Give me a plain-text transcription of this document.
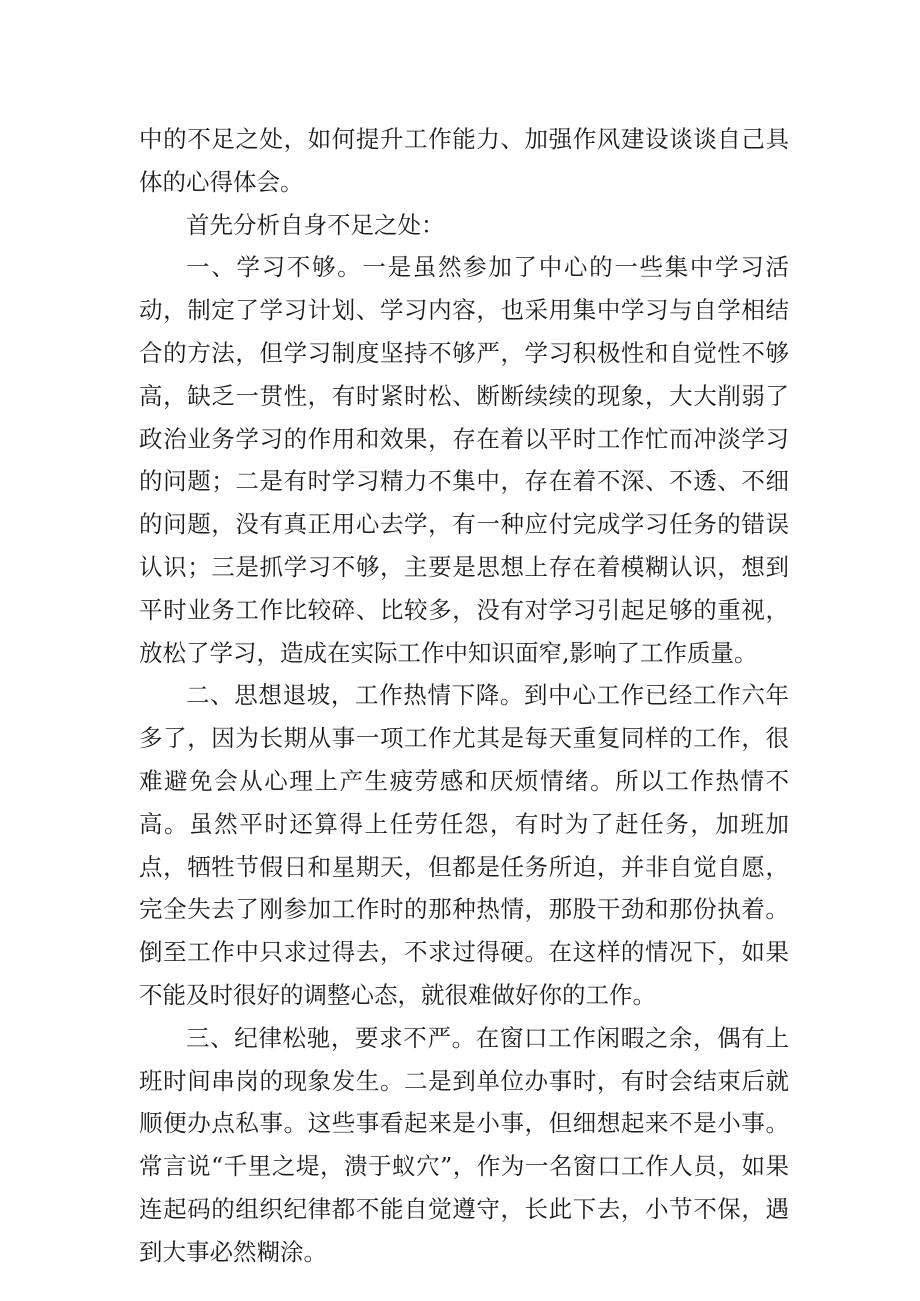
中的不足之处，如何提升工作能力、加强作风建设谈谈自己具体的心得体会。

首先分析自身不足之处：

一、学习不够。一是虽然参加了中心的一些集中学习活动，制定了学习计划、学习内容，也采用集中学习与自学相结合的方法，但学习制度坚持不够严，学习积极性和自觉性不够高，缺乏一贯性，有时紧时松、断断续续的现象，大大削弱了政治业务学习的作用和效果，存在着以平时工作忙而冲淡学习的问题；二是有时学习精力不集中，存在着不深、不透、不细的问题，没有真正用心去学，有一种应付完成学习任务的错误认识；三是抓学习不够，主要是思想上存在着模糊认识，想到平时业务工作比较碎、比较多，没有对学习引起足够的重视，放松了学习，造成在实际工作中知识面窄,影响了工作质量。

二、思想退坡，工作热情下降。到中心工作已经工作六年多了，因为长期从事一项工作尤其是每天重复同样的工作，很难避免会从心理上产生疲劳感和厌烦情绪。所以工作热情不高。虽然平时还算得上任劳任怨，有时为了赶任务，加班加点，牺牲节假日和星期天，但都是任务所迫，并非自觉自愿，完全失去了刚参加工作时的那种热情，那股干劲和那份执着。倒至工作中只求过得去，不求过得硬。在这样的情况下，如果不能及时很好的调整心态，就很难做好你的工作。

三、纪律松驰，要求不严。在窗口工作闲暇之余，偶有上班时间串岗的现象发生。二是到单位办事时，有时会结束后就顺便办点私事。这些事看起来是小事，但细想起来不是小事。常言说“千里之堤，溃于蚁穴”，作为一名窗口工作人员，如果连起码的组织纪律都不能自觉遵守，长此下去，小节不保，遇到大事必然糊涂。
